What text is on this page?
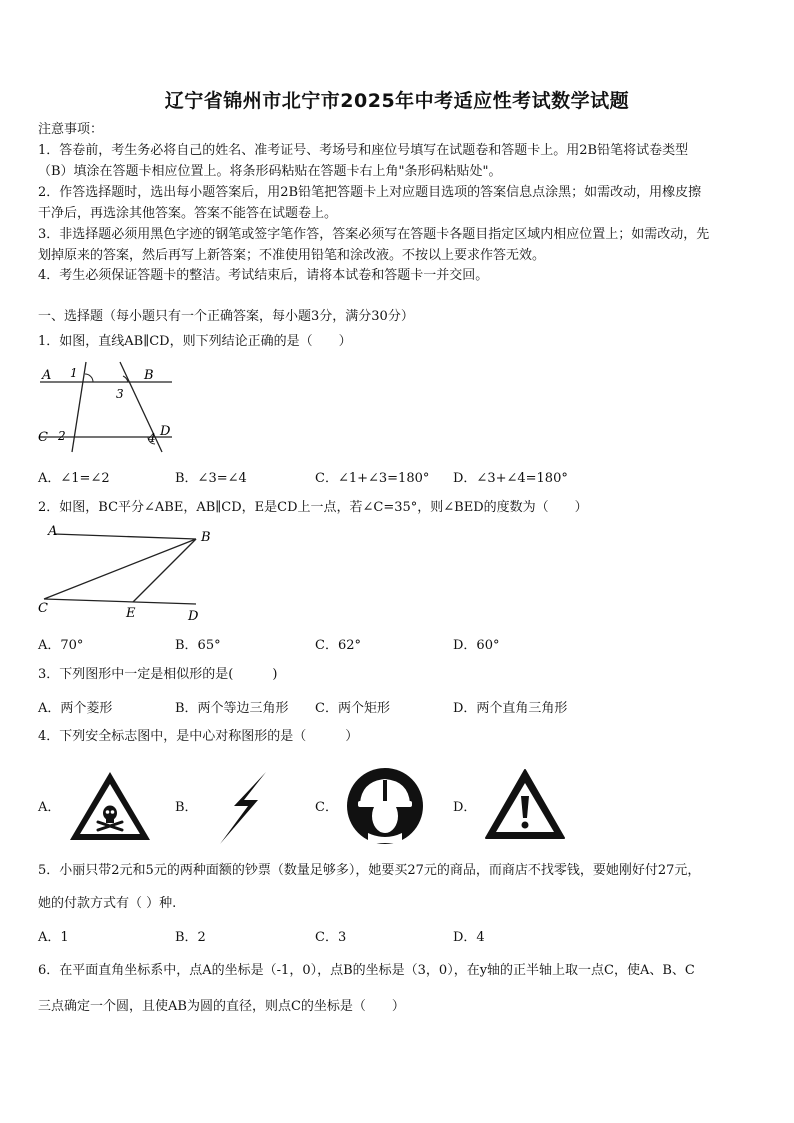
辽宁省锦州市北宁市2025年中考适应性考试数学试题
注意事项：
1．答卷前，考生务必将自己的姓名、准考证号、考场号和座位号填写在试题卷和答题卡上。用2B铅笔将试卷类型
（B）填涂在答题卡相应位置上。将条形码粘贴在答题卡右上角"条形码粘贴处"。
2．作答选择题时，选出每小题答案后，用2B铅笔把答题卡上对应题目选项的答案信息点涂黑；如需改动，用橡皮擦
干净后，再选涂其他答案。答案不能答在试题卷上。
3．非选择题必须用黑色字迹的钢笔或签字笔作答，答案必须写在答题卡各题目指定区域内相应位置上；如需改动，先
划掉原来的答案，然后再写上新答案；不准使用铅笔和涂改液。不按以上要求作答无效。
4．考生必须保证答题卡的整洁。考试结束后，请将本试卷和答题卡一并交回。
一、选择题（每小题只有一个正确答案，每小题3分，满分30分）
1．如图，直线AB∥CD，则下列结论正确的是（　　）
A	B
C	D
1
3
2	4
A．∠1=∠2	B．∠3=∠4	C．∠1+∠3=180° D．∠3+∠4=180°
2．如图，BC平分∠ABE，AB∥CD，E是CD上一点，若∠C=35°，则∠BED的度数为（　　）
A	B
C	E	D
A．70°	B．65°	C．62°	D．60°
3．下列图形中一定是相似形的是(　　　)
A．两个菱形	B．两个等边三角形 C．两个矩形	D．两个直角三角形
4．下列安全标志图中，是中心对称图形的是（　　　）
A．	B．	C．	D．
5．小丽只带2元和5元的两种面额的钞票（数量足够多），她要买27元的商品，而商店不找零钱，要她刚好付27元，
她的付款方式有（ ）种.
A．1	B．2	C．3	D．4
6．在平面直角坐标系中，点A的坐标是（-1，0），点B的坐标是（3，0），在y轴的正半轴上取一点C，使A、B、C
三点确定一个圆，且使AB为圆的直径，则点C的坐标是（　　）
